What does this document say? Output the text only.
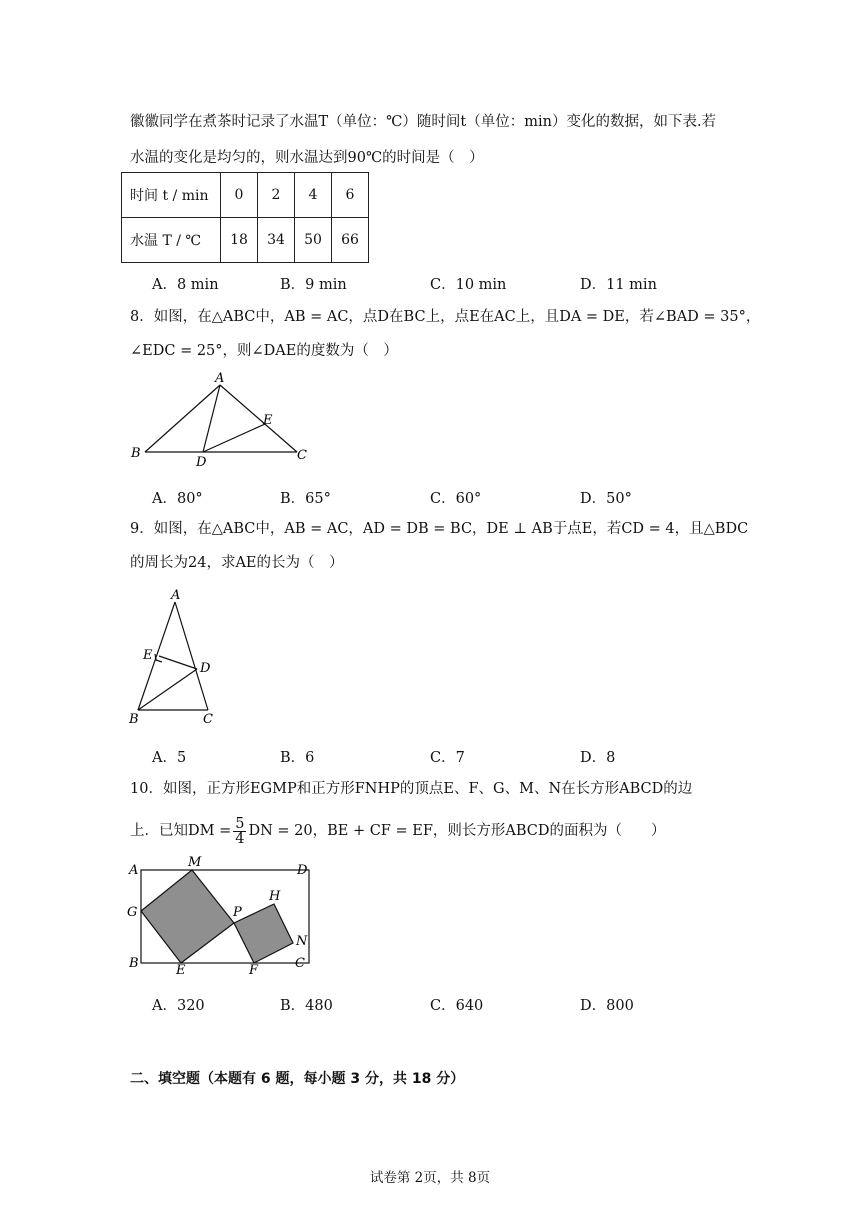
徽徽同学在煮茶时记录了水温T（单位：℃）随时间t（单位：min）变化的数据，如下表.若
水温的变化是均匀的，则水温达到90℃的时间是（　）
时间 t / min	0	2	4	6
水温 T / ℃	18	34	50	66
A．8 min	B．9 min	C．10 min	D．11 min
8．如图，在△ABC中，AB = AC，点D在BC上，点E在AC上，且DA = DE，若∠BAD = 35°，
∠EDC = 25°，则∠DAE的度数为（　）
A
B	C
D
E
A．80°	B．65°	C．60°	D．50°
9．如图，在△ABC中，AB = AC，AD = DB = BC，DE ⊥ AB于点E，若CD = 4，且△BDC
的周长为24，求AE的长为（　）
A
E
D
B	C
A．5	B．6	C．7	D．8
10．如图，正方形EGMP和正方形FNHP的顶点E、F、G、M、N在长方形ABCD的边
上．已知DM = $\frac{5}{4}$ DN = 20，BE + CF = EF，则长方形ABCD的面积为（　　）
A
M
D
G	P
H
N
B	E	F	C
A．320	B．480	C．640	D．800
二、填空题（本题有 6 题，每小题 3 分，共 18 分）
试卷第 2页，共 8页
